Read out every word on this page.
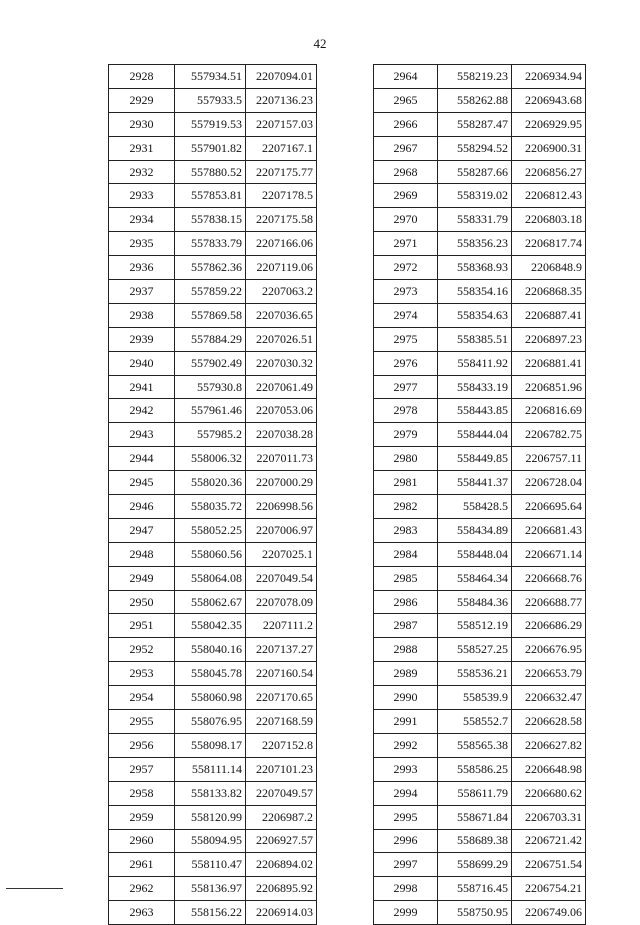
42
2928	557934.51	2207094.01
2929	557933.5	2207136.23
2930	557919.53	2207157.03
2931	557901.82	2207167.1
2932	557880.52	2207175.77
2933	557853.81	2207178.5
2934	557838.15	2207175.58
2935	557833.79	2207166.06
2936	557862.36	2207119.06
2937	557859.22	2207063.2
2938	557869.58	2207036.65
2939	557884.29	2207026.51
2940	557902.49	2207030.32
2941	557930.8	2207061.49
2942	557961.46	2207053.06
2943	557985.2	2207038.28
2944	558006.32	2207011.73
2945	558020.36	2207000.29
2946	558035.72	2206998.56
2947	558052.25	2207006.97
2948	558060.56	2207025.1
2949	558064.08	2207049.54
2950	558062.67	2207078.09
2951	558042.35	2207111.2
2952	558040.16	2207137.27
2953	558045.78	2207160.54
2954	558060.98	2207170.65
2955	558076.95	2207168.59
2956	558098.17	2207152.8
2957	558111.14	2207101.23
2958	558133.82	2207049.57
2959	558120.99	2206987.2
2960	558094.95	2206927.57
2961	558110.47	2206894.02
2962	558136.97	2206895.92
2963	558156.22	2206914.03
2964	558219.23	2206934.94
2965	558262.88	2206943.68
2966	558287.47	2206929.95
2967	558294.52	2206900.31
2968	558287.66	2206856.27
2969	558319.02	2206812.43
2970	558331.79	2206803.18
2971	558356.23	2206817.74
2972	558368.93	2206848.9
2973	558354.16	2206868.35
2974	558354.63	2206887.41
2975	558385.51	2206897.23
2976	558411.92	2206881.41
2977	558433.19	2206851.96
2978	558443.85	2206816.69
2979	558444.04	2206782.75
2980	558449.85	2206757.11
2981	558441.37	2206728.04
2982	558428.5	2206695.64
2983	558434.89	2206681.43
2984	558448.04	2206671.14
2985	558464.34	2206668.76
2986	558484.36	2206688.77
2987	558512.19	2206686.29
2988	558527.25	2206676.95
2989	558536.21	2206653.79
2990	558539.9	2206632.47
2991	558552.7	2206628.58
2992	558565.38	2206627.82
2993	558586.25	2206648.98
2994	558611.79	2206680.62
2995	558671.84	2206703.31
2996	558689.38	2206721.42
2997	558699.29	2206751.54
2998	558716.45	2206754.21
2999	558750.95	2206749.06
